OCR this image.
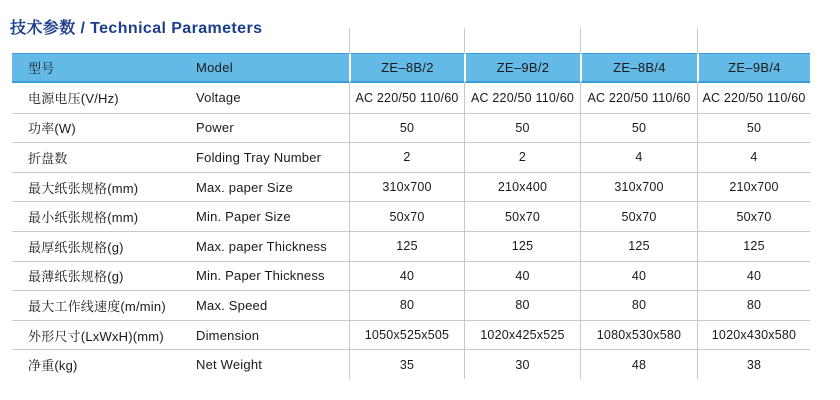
技术参数 / Technical Parameters
型号	Model	ZE–8B/2	ZE–9B/2	ZE–8B/4	ZE–9B/4
电源电压(V/Hz)	Voltage	AC 220/50 110/60	AC 220/50 110/60	AC 220/50 110/60	AC 220/50 110/60
功率(W)	Power	50	50	50	50
折盘数	Folding Tray Number	2	2	4	4
最大纸张规格(mm)	Max. paper Size	310x700	210x400	310x700	210x700
最小纸张规格(mm)	Min. Paper Size	50x70	50x70	50x70	50x70
最厚纸张规格(g)	Max. paper Thickness	125	125	125	125
最薄纸张规格(g)	Min. Paper Thickness	40	40	40	40
最大工作线速度(m/min)	Max. Speed	80	80	80	80
外形尺寸(LxWxH)(mm)	Dimension	1050x525x505	1020x425x525	1080x530x580	1020x430x580
净重(kg)	Net Weight	35	30	48	38
